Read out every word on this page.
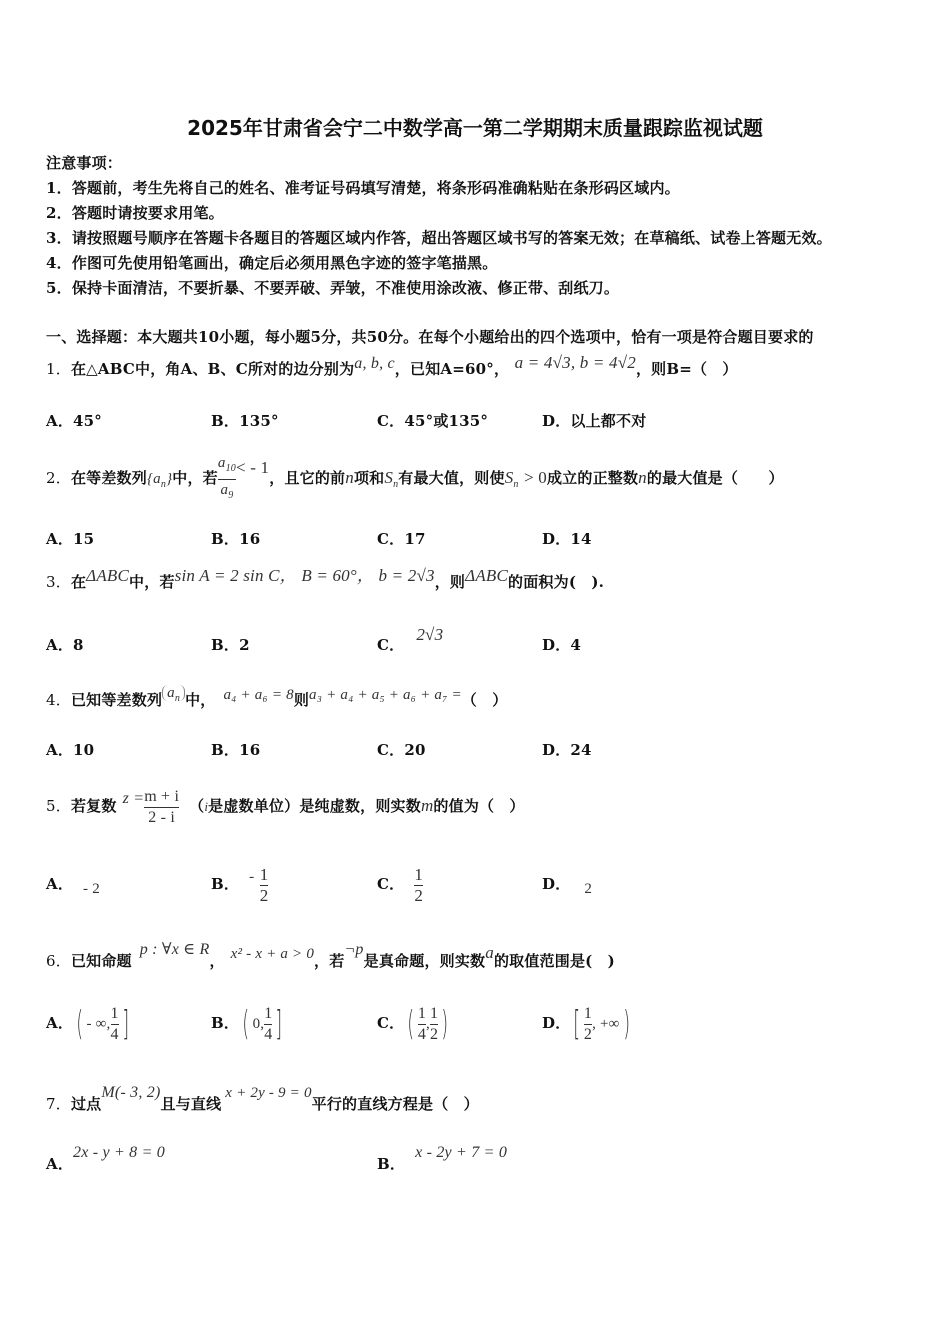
2025年甘肃省会宁二中数学高一第二学期期末质量跟踪监视试题
注意事项：
1．答题前，考生先将自己的姓名、准考证号码填写清楚，将条形码准确粘贴在条形码区域内。
2．答题时请按要求用笔。
3．请按照题号顺序在答题卡各题目的答题区域内作答，超出答题区域书写的答案无效；在草稿纸、试卷上答题无效。
4．作图可先使用铅笔画出，确定后必须用黑色字迹的签字笔描黑。
5．保持卡面清洁，不要折暴、不要弄破、弄皱，不准使用涂改液、修正带、刮纸刀。
一、选择题：本大题共10小题，每小题5分，共50分。在每个小题给出的四个选项中，恰有一项是符合题目要求的
1．在△ABC中，角A、B、C所对的边分别为a, b, c，已知A=60°， a = 4√3, b = 4√2，则B=（　）
A．45°	B．135°	C．45°或135°	D．以上都不对
2．在等差数列$\{a_n\}$中，若 $\frac{a_{10}}{a_9}$ < - 1，且它的前n项和$S_n$有最大值，则使$S_n > 0$成立的正整数n的最大值是（　　）
A．15	B．16	C．17	D．14
3．在ΔABC中，若sin A = 2 sin C， B = 60°， b = 2√3，则ΔABC的面积为(　).
A．8	B．2	C．2√3
D．4
4．已知等差数列 $a_n$ 中， a₄ + a₆ = 8则a₃ + a₄ + a₅ + a₆ + a₇ =（　）
A．10	B．16	C．20	D．24
5．若复数 $z = \frac{m + i}{2 - i} (i$是虚数单位）是纯虚数，则实数m的值为（　）
A． - 2	B． - $\frac{1}{2}$	C． $\frac{1}{2}$	D． 2
6．已知命题p : ∀x ∈ R， x² - x + a > 0，若¬p是真命题，则实数a的取值范围是(　)
A．( - ∞, $\frac{1}{4}$ ]	B．( 0, $\frac{1}{4}$ ]	C．( $\frac{1}{4}$ , $\frac{1}{2}$ )	D．[ $\frac{1}{2}$ , +∞)
7．过点M(- 3, 2)且与直线x + 2y - 9 = 0平行的直线方程是（　）
A．2x - y + 8 = 0
B．x - 2y + 7 = 0
